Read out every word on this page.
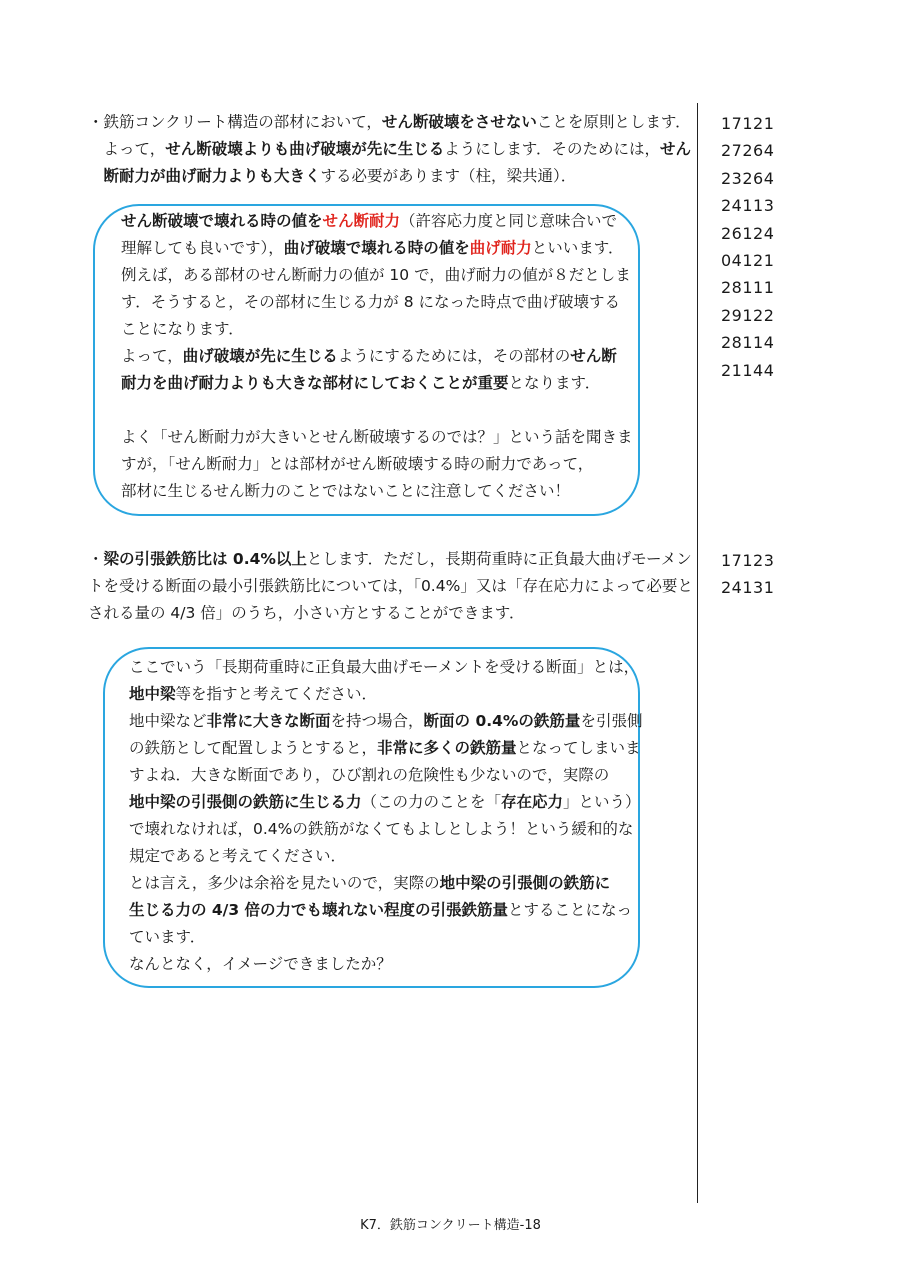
・鉄筋コンクリート構造の部材において，せん断破壊をさせないことを原則とします．
　よって，せん断破壊よりも曲げ破壊が先に生じるようにします．そのためには，せん
　断耐力が曲げ耐力よりも大きくする必要があります（柱，梁共通）．
せん断破壊で壊れる時の値をせん断耐力（許容応力度と同じ意味合いで
理解しても良いです），曲げ破壊で壊れる時の値を曲げ耐力といいます．
例えば，ある部材のせん断耐力の値が 10 で，曲げ耐力の値が８だとしま
す．そうすると，その部材に生じる力が 8 になった時点で曲げ破壊する
ことになります．
よって，曲げ破壊が先に生じるようにするためには，その部材のせん断
耐力を曲げ耐力よりも大きな部材にしておくことが重要となります．

よく「せん断耐力が大きいとせん断破壊するのでは？」という話を聞きま
すが，「せん断耐力」とは部材がせん断破壊する時の耐力であって，
部材に生じるせん断力のことではないことに注意してください！
17121
27264
23264
24113
26124
04121
28111
29122
28114
21144
・梁の引張鉄筋比は 0.4%以上とします．ただし，長期荷重時に正負最大曲げモーメン
トを受ける断面の最小引張鉄筋比については，「0.4%」又は「存在応力によって必要と
される量の 4/3 倍」のうち，小さい方とすることができます．
ここでいう「長期荷重時に正負最大曲げモーメントを受ける断面」とは，
地中梁等を指すと考えてください．
地中梁など非常に大きな断面を持つ場合，断面の 0.4%の鉄筋量を引張側
の鉄筋として配置しようとすると，非常に多くの鉄筋量となってしまいま
すよね．大きな断面であり，ひび割れの危険性も少ないので，実際の
地中梁の引張側の鉄筋に生じる力（この力のことを「存在応力」という）
で壊れなければ，0.4%の鉄筋がなくてもよしとしよう！という緩和的な
規定であると考えてください．
とは言え，多少は余裕を見たいので，実際の地中梁の引張側の鉄筋に
生じる力の 4/3 倍の力でも壊れない程度の引張鉄筋量とすることになっ
ています．
なんとなく，イメージできましたか？
17123
24131
K7．鉄筋コンクリート構造-18
